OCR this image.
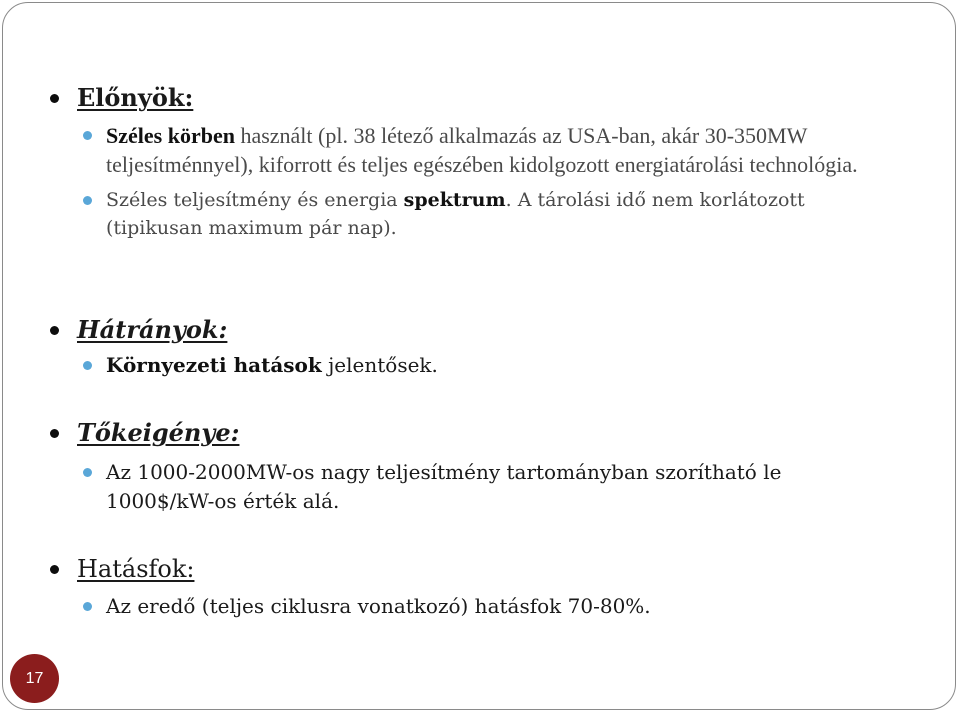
Előnyök:
Széles körben használt (pl. 38 létező alkalmazás az USA-ban, akár 30-350MW teljesítménnyel), kiforrott és teljes egészében kidolgozott energiatárolási technológia.
Széles teljesítmény és energia spektrum. A tárolási idő nem korlátozott (tipikusan maximum pár nap).
Hátrányok:
Környezeti hatások jelentősek.
Tőkeigénye:
Az 1000-2000MW-os nagy teljesítmény tartományban szorítható le 1000$/kW-os érték alá.
Hatásfok:
Az eredő (teljes ciklusra vonatkozó) hatásfok 70-80%.
17
